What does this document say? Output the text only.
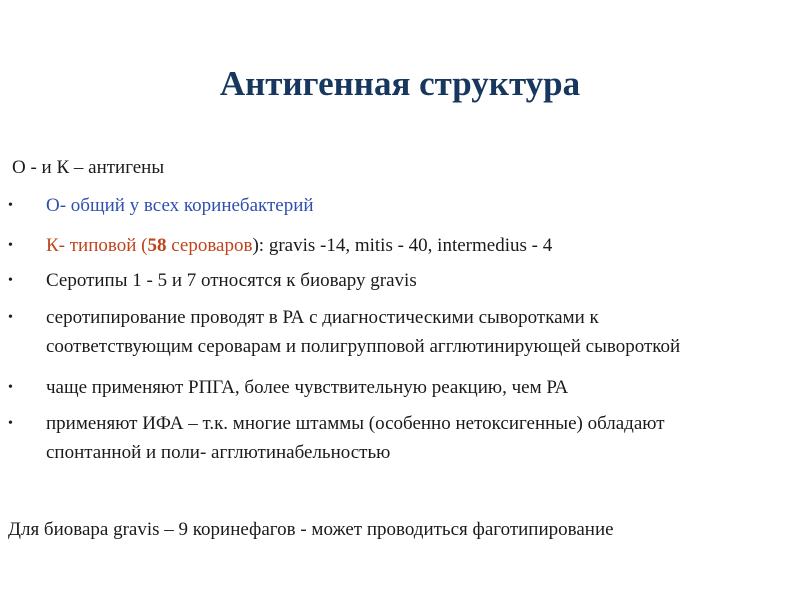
Антигенная структура
О - и К – антигены
• О- общий у всех коринебактерий
• К- типовой (58 сероваров): gravis -14, mitis - 40, intermedius - 4
• Серотипы 1 - 5 и 7 относятся к биовару gravis
• серотипирование проводят в РА с диагностическими сыворотками к
соответствующим серовaрам и полигрупповой агглютинирующей сывороткой
• чаще применяют РПГА, более чувствительную реакцию, чем РА
• применяют ИФА – т.к. многие штаммы (особенно нетоксигенные) обладают
спонтанной и поли- агглютинабельностью
Для биовара gravis – 9 коринефагов - может проводиться фаготипирование
